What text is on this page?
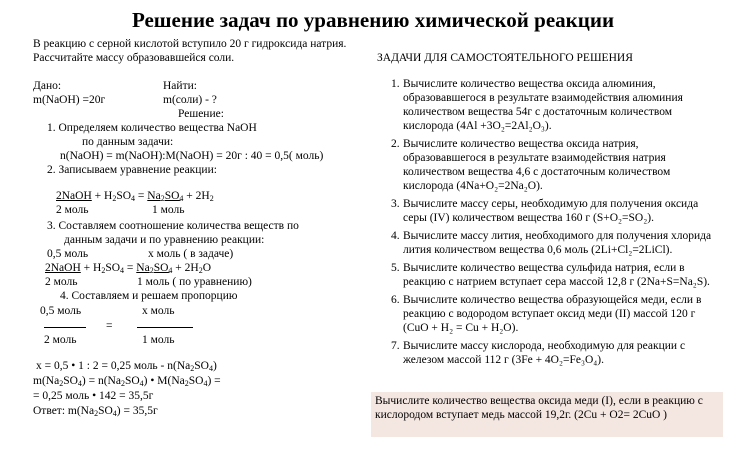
Решение задач по уравнению химической реакции
В реакцию с серной кислотой вступило 20 г гидроксида натрия.
Рассчитайте массу образовавшейся соли.
Дано:	Найти:
m(NaOH) =20г	m(соли) - ?
Решение:
1. Определяем количество вещества NaOH
по данным задачи:
n(NaOH) = m(NaOH):M(NaOH) = 20г : 40 = 0,5( моль)
2. Записываем уравнение реакции:
2NaOH + $H_2SO_4 = Na_2SO_4 + 2H_2$
2 моль	1 моль
3. Составляем соотношение количества веществ по
данным задачи и по уравнению реакции:
0,5 моль	х моль ( в задаче)
2NaOH + $H_2SO_4 = Na_2SO_4 + 2H_2O$
2 моль	1 моль ( по уравнению)
4. Составляем и решаем пропорцию
0,5 моль	х моль
=
2 моль	1 моль
х = 0,5 • 1 : 2 = 0,25 моль - $n(Na_2SO_4)$
$m(Na_2SO_4) = n(Na_2SO_4)$ • $M(Na_2SO_4)$ =
= 0,25 моль • 142 = 35,5г
Ответ: $m(Na_2SO_4) = 35,5г$
ЗАДАЧИ ДЛЯ САМОСТОЯТЕЛЬНОГО РЕШЕНИЯ
1. Вычислите количество вещества оксида алюминия, образовавшегося в результате взаимодействия алюминия количеством вещества 54г с достаточным количеством кислорода (4Al +3O₂=2Al₂O₃).
2. Вычислите количество вещества оксида натрия, образовавшегося в результате взаимодействия натрия количеством вещества 4,6 с достаточным количеством кислорода (4Na+O₂=2Na₂O).
3. Вычислите массу серы, необходимую для получения оксида серы (IV) количеством вещества 160 г (S+O₂=SO₂).
4. Вычислите массу лития, необходимого для получения хлорида лития количеством вещества 0,6 моль (2Li+Cl₂=2LiCl).
5. Вычислите количество вещества сульфида натрия, если в реакцию с натрием вступает сера массой 12,8 г (2Na+S=Na₂S).
6. Вычислите количество вещества образующейся меди, если в реакцию с водородом вступает оксид меди (II) массой 120 г (CuO + H₂ = Cu + H₂O).
7. Вычислите массу кислорода, необходимую для реакции с железом массой 112 г (3Fe + 4O₂=Fe₃O₄).
Вычислите количество вещества оксида меди (I), если в реакцию с кислородом вступает медь массой 19,2г. (2Cu + O2= 2CuO )
